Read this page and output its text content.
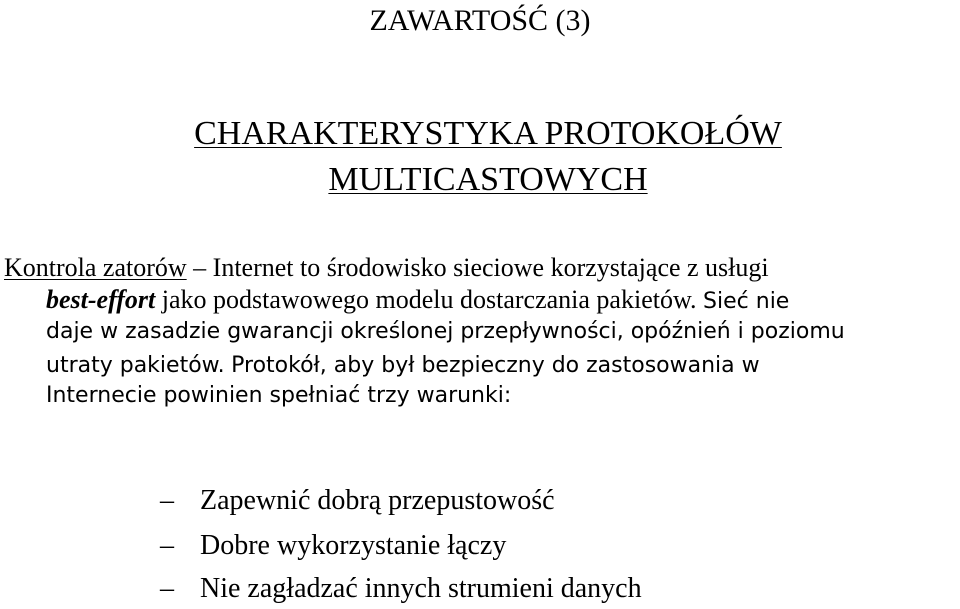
ZAWARTOŚĆ (3)
CHARAKTERYSTYKA PROTOKOŁÓW
MULTICASTOWYCH
Kontrola zatorów – Internet to środowisko sieciowe korzystające z usługi
best-effort jako podstawowego modelu dostarczania pakietów. Sieć nie
daje w zasadzie gwarancji określonej przepływności, opóźnień i poziomu
utraty pakietów. Protokół, aby był bezpieczny do zastosowania w
Internecie powinien spełniać trzy warunki:
– Zapewnić dobrą przepustowość
– Dobre wykorzystanie łączy
– Nie zagładzać innych strumieni danych
